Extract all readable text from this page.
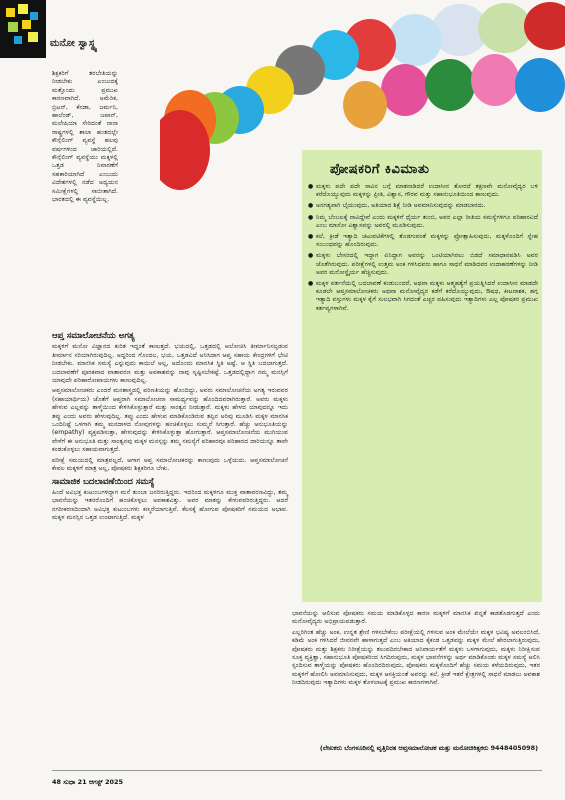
ಮನೋ ಸ್ವಾಸ್ಥ್ಯ

ಶಿಕ್ಷಕರಿಗೆ ತರಬೇತಿಯನ್ನು ನೀಡಬೇಕು ಎಂಬುದಕ್ಕೆ ಮತ್ತೊಂದು ಪ್ರಮುಖ ಕಾರಣವಾಗಿದೆ. ಅಮೆರಿಕ, ಬ್ರಿಟನ್, ಕೆನಡಾ, ಜರ್ಮನಿ, ಹಾಲೆಂಡ್, ಜಪಾನ್, ಮಲೇಷಿಯಾ ಸೇರಿದಂತೆ ನಾನಾ ರಾಷ್ಟ್ರಗಳಲ್ಲಿ ಶಾಲಾ ಹಂತದಲ್ಲೇ ಕೌನ್ಸೆಲಿಂಗ್ ವ್ಯವಸ್ಥೆ ಹಲವು ವರ್ಷಗಳಿಂದ ಜಾರಿಯಲ್ಲಿದೆ. ಕೌನ್ಸೆಲಿಂಗ್ ವ್ಯವಸ್ಥೆಯು ಮಕ್ಕಳಲ್ಲಿ ಒತ್ತಡ ನಿವಾರಣೆಗೆ ಸಹಕಾರಿಯಾಗಿದೆ ಎಂಬುದು ವಿದೇಶಗಳಲ್ಲಿ ನಡೆದ ಅಧ್ಯಯನ ಸಮೀಕ್ಷೆಗಳಲ್ಲಿ ಸಾಬೀತಾಗಿದೆ. ಭಾರತದಲ್ಲಿ ಈ ವ್ಯವಸ್ಥೆಯಿಲ್ಲ.

ಆಪ್ತ ಸಮಾಲೋಚನೆಯ ಅಗತ್ಯ

ಮಕ್ಕಳಿಗೆ ಮನೋ ವಿಜ್ಞಾನದ ಕುರಿತ ಇದ್ದಂತೆ ಕಾಣುತ್ತದೆ. ಭಯದಲ್ಲಿ, ಒತ್ತಡದಲ್ಲಿ ಆಲೋಚಿಸಿ ತೀರ್ಮಾನಿಸಲ್ಪಡುವ ತೀರ್ಮಾನ ಸರಿಯಾಗಿರುವುದಿಲ್ಲ. ಅದ್ದರಿಂದ ಗೊಂದಲ, ಭಯ, ಒತ್ತಡವಿದೆ ಅನಿಸಿದಾಗ ಆಪ್ತ ಸಹಾಯ ಕೇಂದ್ರಗಳಿಗೆ ಭೇಟಿ ನೀಡಬೇಕು. ಮಾನಸಿಕ ಸಮಸ್ಯೆ ಎನ್ನುವುದು ಕಾಯಿಲೆ ಅಲ್ಲ, ಅದೊಂದು ಮಾನಸಿಕ ಸ್ಥಿತಿ ಅಷ್ಟೆ. ಆ ಸ್ಥಿತಿ ಬದಲಾಗುತ್ತದೆ. ಬದಲಾವಣೆಗೆ ಪೂರಕವಾದ ವಾತಾವರಣ ಮತ್ತು ಅವಕಾಶವನ್ನು ನಾವು ಸೃಷ್ಟಿಸಬೇಕಷ್ಟೆ. ಒತ್ತಡದಲ್ಲಿದ್ದಾಗ ನಮ್ಮ ಮನಸ್ಸಿಗೆ ಯಾವುದೇ ಪರಿಹಾರೋಪಾಯಗಳು ಕಾಣುವುದಿಲ್ಲ.

ಆಪ್ತಸಮಾಲೋಚಕರು ಎಂದರೆ ಮನಶಾಸ್ತ್ರದಲ್ಲಿ ಪರಿಣತಿಯನ್ನು ಹೊಂದಿದ್ದು, ಅವರು ಸಮಾಲೋಚನೆಯ ಅಗತ್ಯ ಇರುವವರ (ಸಹಾಯಾರ್ಥಿಯ) ಜೊತೆಗೆ ಆಪ್ತರಾಗಿ ಸಮಾಲೋಚನಾ ಸಾಮರ್ಥ್ಯವನ್ನು ಹೊಂದಿದವರಾಗಿರುತ್ತಾರೆ. ಅವರು ಮಕ್ಕಳು ಹೇಳುವ ಎಲ್ಲವನ್ನು ತಾಳ್ಮೆಯಿಂದ ಕೇಳಿಸಿಕೊಳ್ಳುತ್ತಾರೆ ಮತ್ತು ಸಾಂತ್ವನ ನೀಡುತ್ತಾರೆ. ಮಕ್ಕಳು ಹೇಳದ ಯಾವುದನ್ನೂ ಇದು ತಪ್ಪು ಎಂದು ಅವರು ಹೇಳುವುದಿಲ್ಲ. ತಪ್ಪು ಎಂದು ಹೇಳುವ ಮಾಡಿಕೊಂಡಿರುವ ತಪ್ಪಿನ ಅರಿವು ಮೂಡಿಸಿ ಮಕ್ಕಳ ಮಾನಸಿಕ ಒಂದಿನಿಷ್ಟೆ ಒಳಗಾಗಿ ತಮ್ಮ ಮನದಾಳದ ನೋವುಗಳನ್ನು ಹಂಚಿಕೊಳ್ಳಲು ಸುಮ್ಮನೆ ಸಿಗುತ್ತಾರೆ. ಹೆಚ್ಚು ಅನುಭೂತಿಯನ್ನು (empathy) ವ್ಯಕ್ತಪಡಿಸುತ್ತಾ, ಹೇಳುವುದನ್ನು ಕೇಳಿಸಿಕೊಳ್ಳುತ್ತಾ ಹೋಗುತ್ತಾರೆ. ಆಪ್ತಸಮಾಲೋಚನೆಯ ಮುಗಿಯುವ ವೇಳೆಗೆ ಈ ಅನುಭೂತಿ ಮತ್ತು ಸಾಂತ್ವನವು ಮಕ್ಕಳ ಮನಸ್ಸನ್ನು ತಮ್ಮ ಸಮಸ್ಯೆಗೆ ಪರಿಹಾರವೂ ಪರಿಹಾರದ ದಾರಿಯನ್ನೂ ತಾವೇ ಕಂಡುಕೊಳ್ಳಲು ಸಹಾಯವಾಗುತ್ತದೆ.

ಪರೀಕ್ಷೆ ಸಮಯದಲ್ಲಿ ಮಾತ್ರವಲ್ಲದೆ, ಆಗಾಗ ಆಪ್ತ ಸಮಾಲೋಚಕರನ್ನು ಕಾಣುವುದು ಒಳ್ಳೆಯದು. ಆಪ್ತಸಮಾಲೋಚನೆ ಕೇವಲ ಮಕ್ಕಳಿಗೆ ಮಾತ್ರ ಅಲ್ಲ, ಪೋಷಕರು ಶಿಕ್ಷಕರಿಗೂ ಬೇಕು.

ಸಾಮಾಜಿಕ ಬದಲಾವಣೆಯಿಂದ ಸಮಸ್ಯೆ

ಹಿಂದೆ ಅವಿಭಕ್ತ ಕುಟುಂಬಗಳಿದ್ದಾಗ ಮನೆ ತುಂಬಾ ಜನರಿರುತ್ತಿದ್ದರು. ಇದರಿಂದ ಮಕ್ಕಳಿಗೂ ಮುಕ್ತ ವಾತಾವರಣವಿದ್ದು, ತಮ್ಮ ಭಾವನೆಯನ್ನು ಇತರರೊಂದಿಗೆ ಹಂಚಿಕೊಳ್ಳಲು ಅವಕಾಶವಿತ್ತು. ಅವರ ಮಾತನ್ನು ಕೇಳುವವರಿರುತ್ತಿದ್ದರು. ಆದರೆ ನಗರೀಕರಣದಿಂದಾಗಿ ಅವಿಭಕ್ತ ಕುಟುಂಬಗಳು ಕಣ್ಮರೆಯಾಗುತ್ತಿವೆ. ಕೆಲಸಕ್ಕೆ ಹೋಗುವ ಪೋಷಕರಿಗೆ ಸಮಯದ ಅಭಾವ. ಮಕ್ಕಳ ಮನಸ್ಸಿನ ಒತ್ತಡ ಉಂಟಾಗುತ್ತಿದೆ. ಮಕ್ಕಳ

ಪೋಷಕರಿಗೆ ಕಿವಿಮಾತು
● ಮಕ್ಕಳು ಪದೇ ಪದೇ ಸಾವಿನ ಬಗ್ಗೆ ಮಾತನಾಡಿದರೆ ಉದಾಸೀನ ತೋರದೆ ತಕ್ಷಣವೇ ಮನೋವೈದ್ಯರ ಬಳಿ ಕರೆದೊಯ್ಯುವುದು ಮಕ್ಕಳನ್ನು ಪ್ರೀತಿ, ವಿಶ್ವಾಸ, ಗೌರವ ಮತ್ತು ಸಹಾನುಭೂತಿಯಿಂದ ಕಾಣುವುದು.
● ಅನಗತ್ಯವಾಗಿ ಬೈಯುವುದು, ಅತಿಯಾದ ಶಿಕ್ಷೆ ನೀಡಿ ಅವಮಾನಿಸುವುದನ್ನು ಮಾಡಬಾರದು.
● ನಿಮ್ಮ ಬೆಂಬಲಕ್ಕೆ ನಾವಿದ್ದೇವೆ ಎಂದು ಮಕ್ಕಳಿಗೆ ಧೈರ್ಯ ತುಂಬಿ, ಅವರ ಎಲ್ಲಾ ರೀತಿಯ ಸಮಸ್ಯೆಗಳಿಗೂ ಪರಿಹಾರವಿದೆ ಎಂಬ ಮಾನೋ ವಿಶ್ವಾಸವನ್ನು ಅವರಲ್ಲಿ ಮೂಡಿಸುವುದು.
● ಕಲೆ, ಕ್ರೀಡೆ ಇತ್ಯಾದಿ ಚಟುವಟಿಕೆಗಳಲ್ಲಿ ತೊಡಗುವಂತೆ ಮಕ್ಕಳನ್ನು ಪ್ರೋತ್ಸಾಹಿಸುವುದು, ಮಕ್ಕಳೊಂದಿಗೆ ಸ್ನೇಹ ಸಂಬಂಧವನ್ನು ಹೊಂದಿರುವುದು.
● ಮಕ್ಕಳು ಬೇಸರದಲ್ಲಿ ಇದ್ದಾಗ ಏನಿದ್ದಾಗ ಅವರನ್ನು ಒಂಟಿಯಾಗಿರಲು ಬಿಡದೆ ಸಮಾಧಾನಪಡಿಸಿ ಅವರ ಜೊತೆಗಿರುವುದು. ಪರೀಕ್ಷೆಗಳಲ್ಲಿ ಉತ್ತಮ ಅಂಕ ಗಳಿಸಿದವರು ಹಾಗೂ ಸಾಧನೆ ಮಾಡಿದವರ ಉದಾಹರಣೆಗಳನ್ನು ನೀಡಿ ಅವರ ಮನೋಸ್ಥೈರ್ಯ ಹೆಚ್ಚಿಸುವುದು.
● ಮಕ್ಕಳ ವರ್ತನೆಯಲ್ಲಿ ಬದಲಾವಣೆ ಕಂಡುಬಂದರೆ, ಅಥವಾ ಮಕ್ಕಳು ಆತ್ಮಹತ್ಯೆಗೆ ಪ್ರಯತ್ನಿಸಿದರೆ ಉದಾಸೀನ ಮಾಡದೇ ಕೂಡಲೇ ಆಪ್ತಸಮಾಲೋಚಕರು ಅಥವಾ ಮನೋವೈದ್ಯರ ಕಡೆಗೆ ಕರೆದೊಯ್ಯುವುದು, ಔಷಧ, ಕೀಟನಾಶಕ, ಹಗ್ಗ ಇತ್ಯಾದಿ ವಸ್ತುಗಳು ಮಕ್ಕಳ ಕೈಗೆ ಸುಲಭವಾಗಿ ಸಿಗದಂತೆ ಎಚ್ಚರ ವಹಿಸುವುದು ಇತ್ಯಾದಿಗಳು ಎಲ್ಲ ಪೋಷಕರ ಪ್ರಮುಖ ಕರ್ತವ್ಯಗಳಾಗಿವೆ.

ಭಾವನೆಯನ್ನು ಆಲಿಸುವ ಪೋಷಕರು ಸಮಯ ಮಾಡಿಕೊಳ್ಳದ ಕಾರಣ ಮಕ್ಕಳಿಗೆ ಮಾನಸಿಕ ಖಿನ್ನತೆ ಕಾಡತೊಡಗುತ್ತದೆ ಎಂದು ಮನೋವೈದ್ಯರು ಅಭಿಪ್ರಾಯಪಡುತ್ತಾರೆ.

ಎಲ್ಲರಿಗಿಂತ ಹೆಚ್ಚು ಅಂಕ, ಉನ್ನತ ಶ್ರೇಣಿ ಗಳಿಸಬೇಕೆಂಬ ಪರೀಕ್ಷೆಯಲ್ಲಿ ಗಳಿಸುವ ಅಂಕ ಮೇಲೆಯೇ ಮಕ್ಕಳ ಭವಿಷ್ಯ ಅವಲಂಬಿಸಿದೆ, ಕಡಿಮೆ ಅಂಕ ಗಳಿಸಿದರೆ ಜೀವನವೇ ಹಾಳಾಗುತ್ತದೆ ಎಂಬ ಅತಿಯಾದ ಕೈಕಂಡ ಒತ್ತಡವನ್ನು ಮಕ್ಕಳ ಮೇಲೆ ಹೇರಲಾಗುತ್ತಿರುವುದು, ಪೋಷಕರು ಮತ್ತು ಶಿಕ್ಷಕರು ನಿರೀಕ್ಷೆಯನ್ನು ತಲುಪದಿರಬೇಕಾದ ಅನಿವಾರ್ಯತೆಗೆ ಮಕ್ಕಳು ಒಳಗಾಗುವುದು, ಮಕ್ಕಳು ನಿರೀಕ್ಷಿಸುವ ಸೂಕ್ತ ವ್ಯಕ್ತಿತ್ವಾ, ಸಹಾನುಭೂತಿ ಪೋಷಕರಿಂದ ಸಿಗದಿರುವುದು, ಮಕ್ಕಳ ಭಾವನೆಗಳನ್ನು ಅರ್ಥ ಮಾಡಿಕೊಂಡು ಮಕ್ಕಳ ಸಮಸ್ಯೆ ಆಲಿಸಿ ಸ್ಪಂದಿಸುವ ತಾಳ್ಮೆಯನ್ನು ಪೋಷಕರು ಹೊಂದಿರದಿರುವುದು, ಪೋಷಕರು ಮಕ್ಕಳೊಂದಿಗೆ ಹೆಚ್ಚು ಸಮಯ ಕಳೆಯದಿರುವುದು, ಇತರ ಮಕ್ಕಳಿಗೆ ಹೋಲಿಸಿ ಅವಮಾನಿಸುವುದು, ಮಕ್ಕಳ ಆಸಕ್ತಿಯಂತೆ ಅವರನ್ನು ಕಲೆ, ಕ್ರೀಡೆ ಇತರೆ ಕ್ಷೇತ್ರಗಳಲ್ಲಿ ಸಾಧನೆ ಮಾಡಲು ಅವಕಾಶ ನೀಡದಿರುವುದು ಇತ್ಯಾದಿಗಳು ಮಕ್ಕಳ ತೊಳಲಾಟಕ್ಕೆ ಪ್ರಮುಖ ಕಾರಣಗಳಾಗಿವೆ.

(ಲೇಖಕರು ಬೆಂಗಳೂರಿನಲ್ಲಿ ವೃತ್ತಿನಿರತ ಆಪ್ತಸಮಾಲೋಚಕ ಮತ್ತು ಮನೋಚಿಕಿತ್ಸಕರು 9448405098)
48 ಸುಧಾ 21 ಆಗಸ್ಟ್ 2025
